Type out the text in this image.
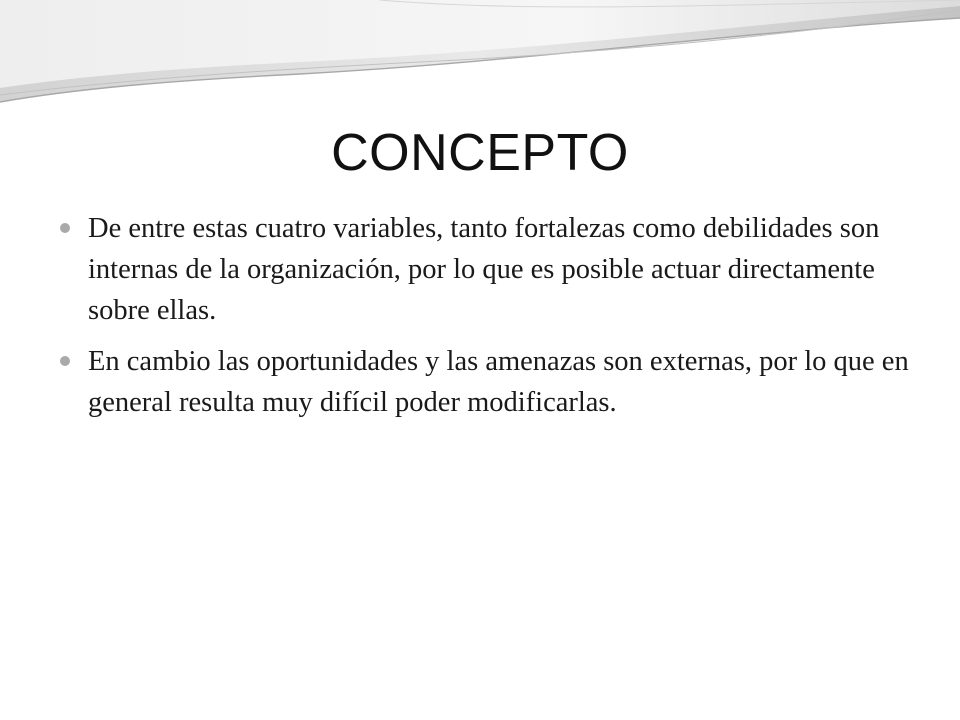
CONCEPTO
De entre estas cuatro variables, tanto fortalezas como debilidades son internas de la organización, por lo que es posible actuar directamente sobre ellas.
En cambio las oportunidades y las amenazas son externas, por lo que en general resulta muy difícil poder modificarlas.
